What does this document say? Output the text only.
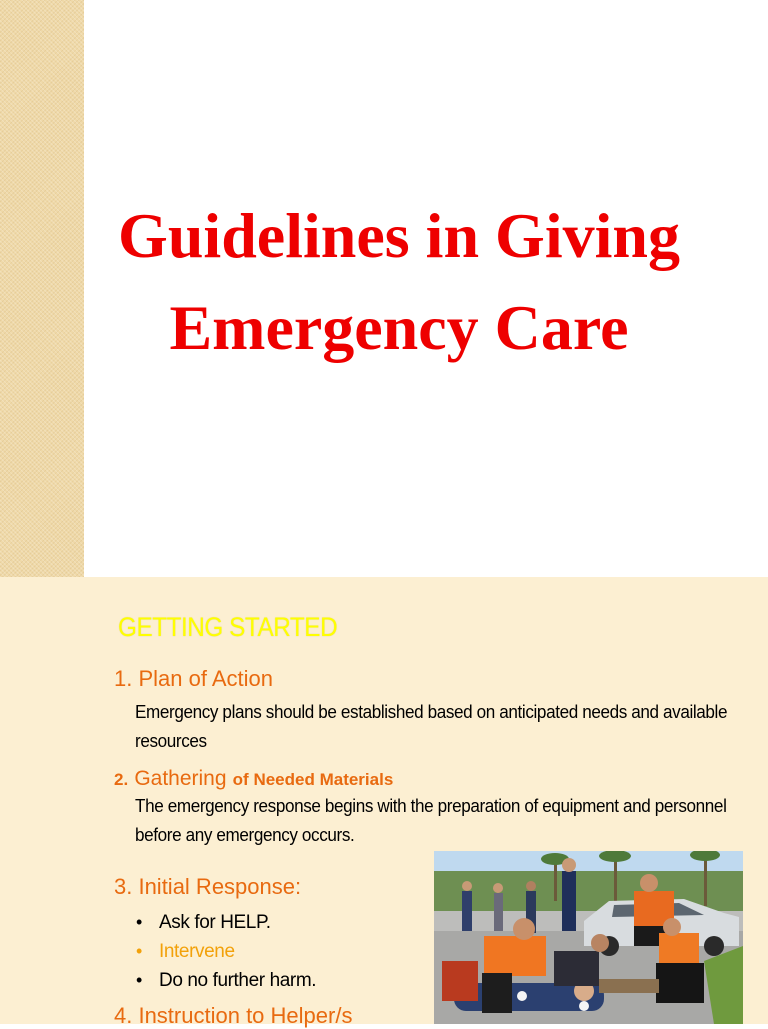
Guidelines in Giving
Emergency Care
GETTING STARTED
1. Plan of Action

Emergency plans should be established based on anticipated needs and available resources

2. Gathering of Needed Materials

The emergency response begins with the preparation of equipment and personnel before any emergency occurs.

3. Initial Response:
• Ask for HELP.
• Intervene
• Do no further harm.
4. Instruction to Helper/s
